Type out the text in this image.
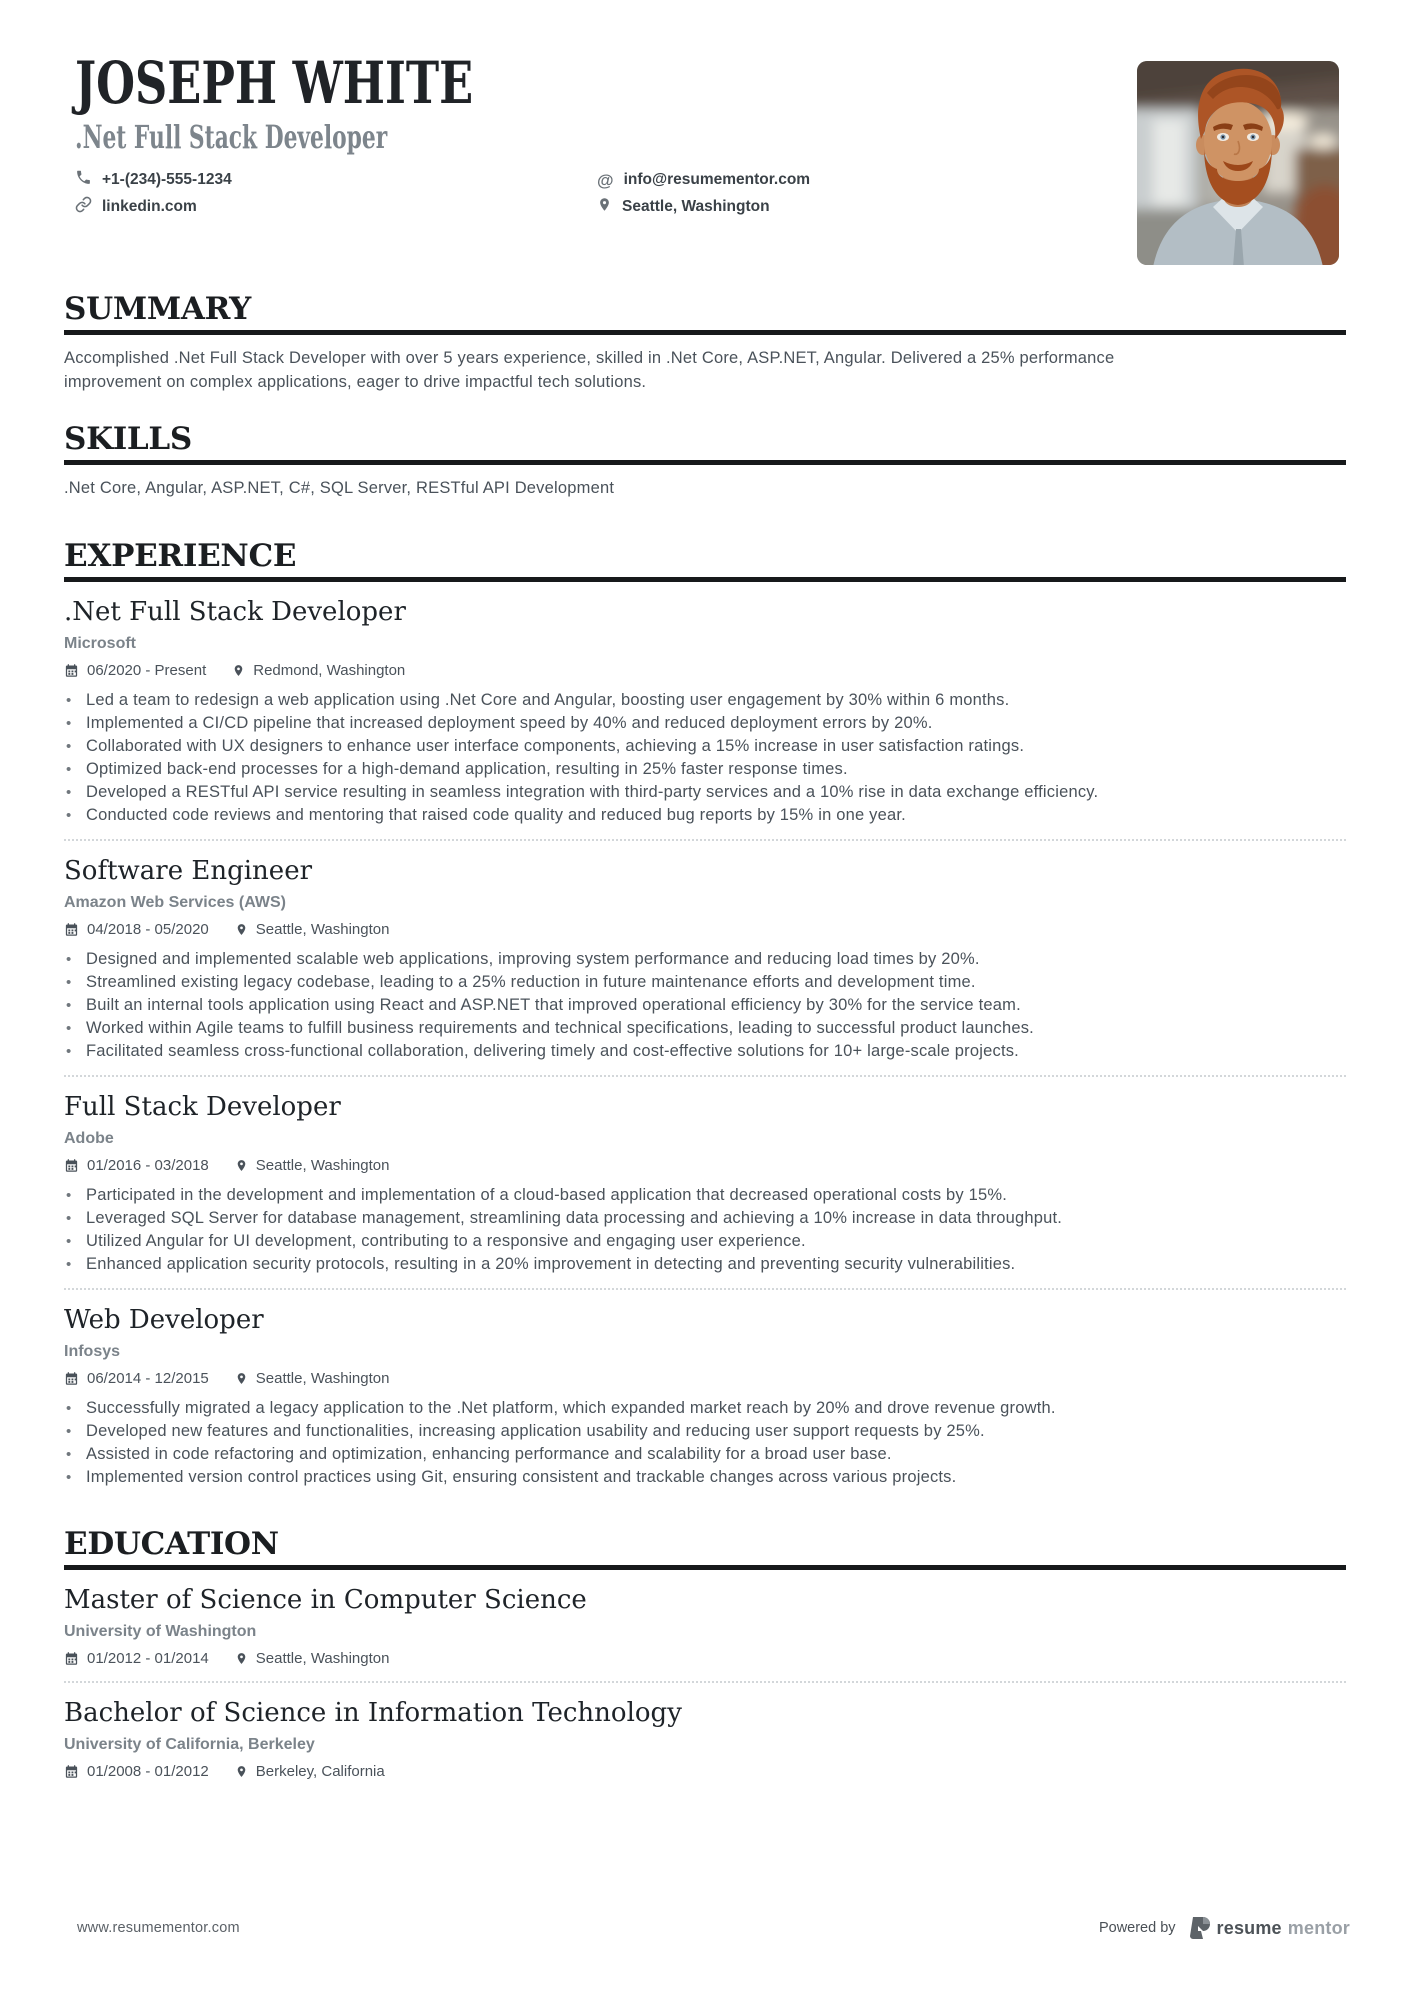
JOSEPH WHITE
.Net Full Stack Developer
+1-(234)-555-1234	@ info@resumementor.com
linkedin.com	Seattle, Washington
SUMMARY

Accomplished .Net Full Stack Developer with over 5 years experience, skilled in .Net Core, ASP.NET, Angular. Delivered a 25% performance improvement on complex applications, eager to drive impactful tech solutions.

SKILLS

.Net Core, Angular, ASP.NET, C#, SQL Server, RESTful API Development

EXPERIENCE
.Net Full Stack Developer
Microsoft
06/2020 - Present	Redmond, Washington
• Led a team to redesign a web application using .Net Core and Angular, boosting user engagement by 30% within 6 months.
• Implemented a CI/CD pipeline that increased deployment speed by 40% and reduced deployment errors by 20%.
• Collaborated with UX designers to enhance user interface components, achieving a 15% increase in user satisfaction ratings.
• Optimized back-end processes for a high-demand application, resulting in 25% faster response times.
• Developed a RESTful API service resulting in seamless integration with third-party services and a 10% rise in data exchange efficiency.
• Conducted code reviews and mentoring that raised code quality and reduced bug reports by 15% in one year.
Software Engineer
Amazon Web Services (AWS)
04/2018 - 05/2020	Seattle, Washington
• Designed and implemented scalable web applications, improving system performance and reducing load times by 20%.
• Streamlined existing legacy codebase, leading to a 25% reduction in future maintenance efforts and development time.
• Built an internal tools application using React and ASP.NET that improved operational efficiency by 30% for the service team.
• Worked within Agile teams to fulfill business requirements and technical specifications, leading to successful product launches.
• Facilitated seamless cross-functional collaboration, delivering timely and cost-effective solutions for 10+ large-scale projects.
Full Stack Developer
Adobe
01/2016 - 03/2018	Seattle, Washington
• Participated in the development and implementation of a cloud-based application that decreased operational costs by 15%.
• Leveraged SQL Server for database management, streamlining data processing and achieving a 10% increase in data throughput.
• Utilized Angular for UI development, contributing to a responsive and engaging user experience.
• Enhanced application security protocols, resulting in a 20% improvement in detecting and preventing security vulnerabilities.
Web Developer
Infosys
06/2014 - 12/2015	Seattle, Washington
• Successfully migrated a legacy application to the .Net platform, which expanded market reach by 20% and drove revenue growth.
• Developed new features and functionalities, increasing application usability and reducing user support requests by 25%.
• Assisted in code refactoring and optimization, enhancing performance and scalability for a broad user base.
• Implemented version control practices using Git, ensuring consistent and trackable changes across various projects.
EDUCATION
Master of Science in Computer Science
University of Washington
01/2012 - 01/2014	Seattle, Washington
Bachelor of Science in Information Technology
University of California, Berkeley
01/2008 - 01/2012	Berkeley, California
www.resumementor.com	Powered by resume mentor
